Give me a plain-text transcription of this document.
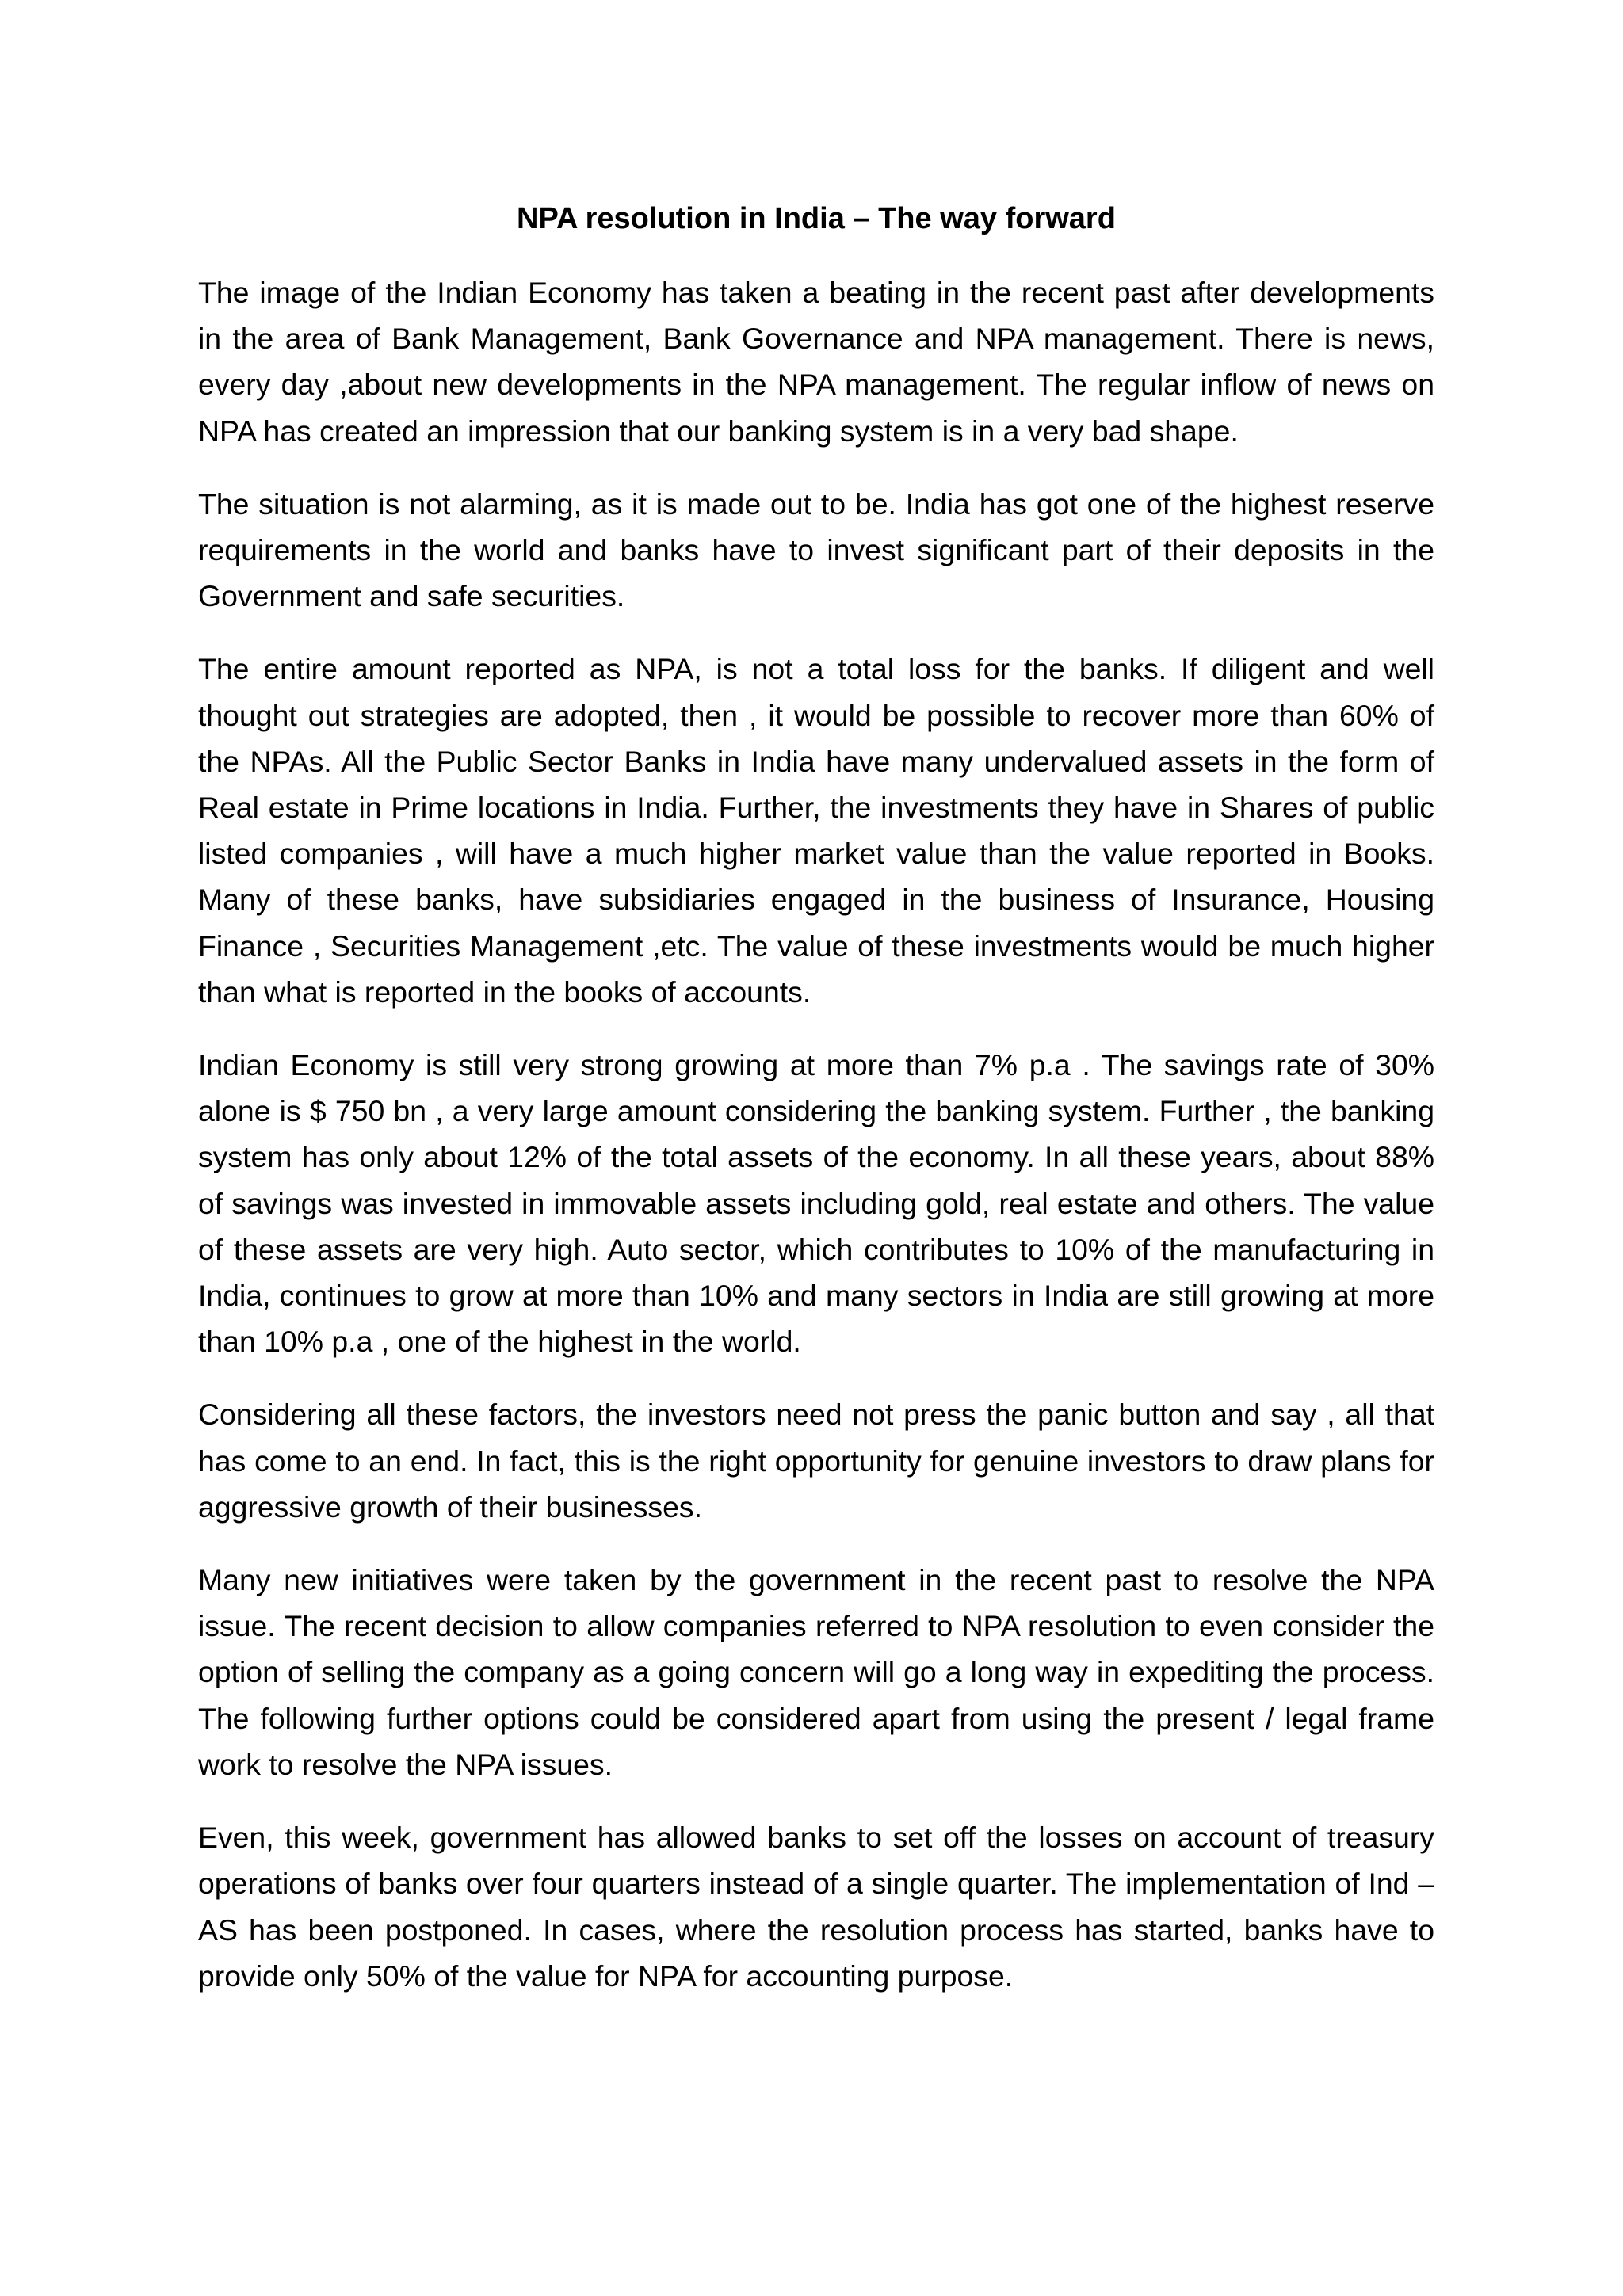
NPA resolution in India – The way forward

The image of the Indian Economy has taken a beating in the recent past after developments in the area of Bank Management, Bank Governance and NPA management. There is news, every day ,about new developments in the NPA management. The regular inflow of news on NPA has created an impression that our banking system is in a very bad shape.

The situation is not alarming, as it is made out to be. India has got one of the highest reserve requirements in the world and banks have to invest significant part of their deposits in the Government and safe securities.

The entire amount reported as NPA, is not a total loss for the banks. If diligent and well thought out strategies are adopted, then , it would be possible to recover more than 60% of the NPAs. All the Public Sector Banks in India have many undervalued assets in the form of Real estate in Prime locations in India. Further, the investments they have in Shares of public listed companies , will have a much higher market value than the value reported in Books. Many of these banks, have subsidiaries engaged in the business of Insurance, Housing Finance , Securities Management ,etc. The value of these investments would be much higher than what is reported in the books of accounts.

Indian Economy is still very strong growing at more than 7% p.a . The savings rate of 30% alone is $ 750 bn , a very large amount considering the banking system. Further , the banking system has only about 12% of the total assets of the economy. In all these years, about 88% of savings was invested in immovable assets including gold, real estate and others. The value of these assets are very high. Auto sector, which contributes to 10% of the manufacturing in India, continues to grow at more than 10% and many sectors in India are still growing at more than 10% p.a , one of the highest in the world.

Considering all these factors, the investors need not press the panic button and say , all that has come to an end. In fact, this is the right opportunity for genuine investors to draw plans for aggressive growth of their businesses.

Many new initiatives were taken by the government in the recent past to resolve the NPA issue. The recent decision to allow companies referred to NPA resolution to even consider the option of selling the company as a going concern will go a long way in expediting the process. The following further options could be considered apart from using the present / legal frame work to resolve the NPA issues.

Even, this week, government has allowed banks to set off the losses on account of treasury operations of banks over four quarters instead of a single quarter. The implementation of Ind – AS has been postponed. In cases, where the resolution process has started, banks have to provide only 50% of the value for NPA for accounting purpose.
